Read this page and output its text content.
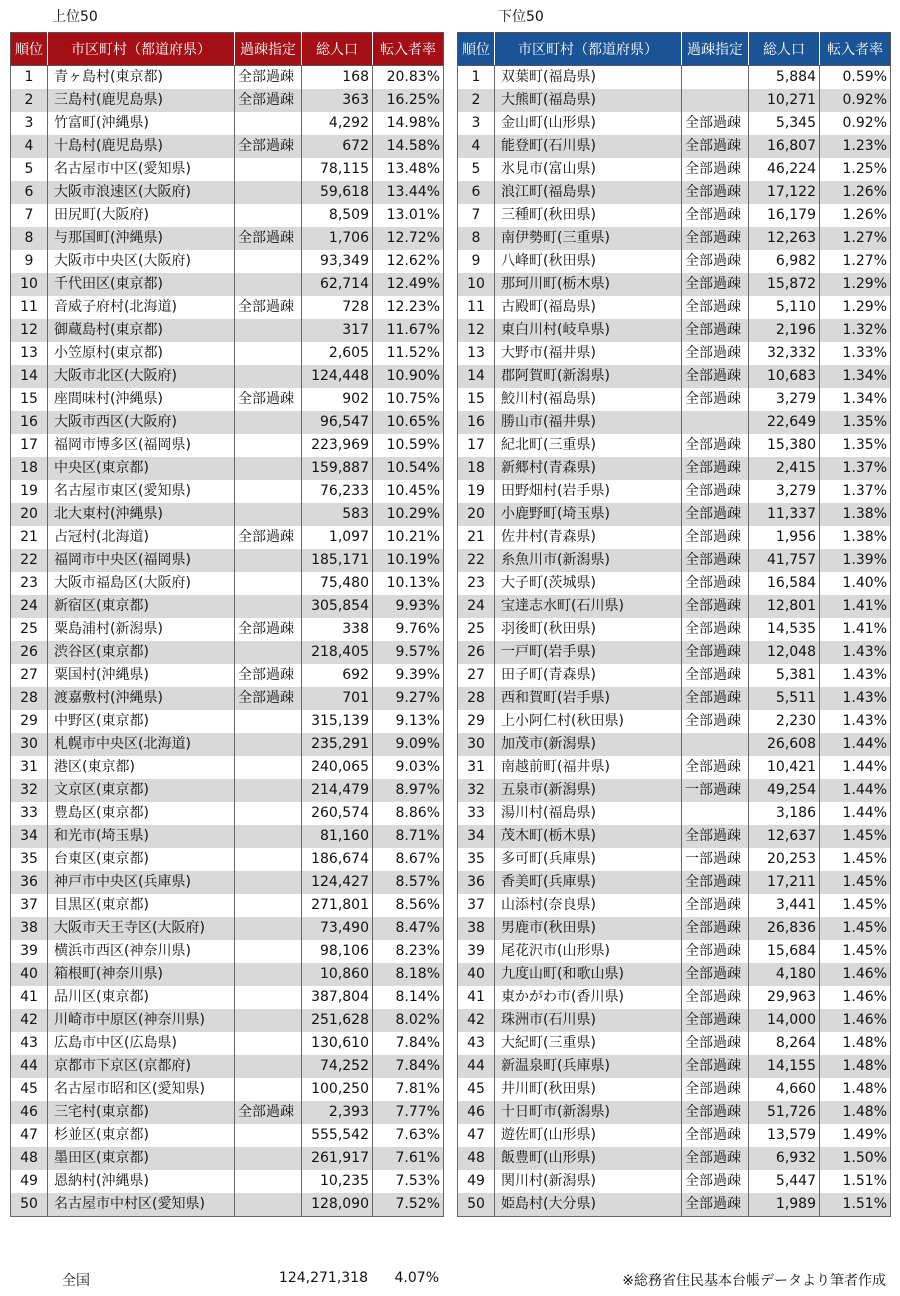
上位50	下位50
順位	市区町村（都道府県）	過疎指定	総人口	転入者率
1	青ヶ島村(東京都)	全部過疎	168	20.83%
2	三島村(鹿児島県)	全部過疎	363	16.25%
3	竹富町(沖縄県)		4,292	14.98%
4	十島村(鹿児島県)	全部過疎	672	14.58%
5	名古屋市中区(愛知県)		78,115	13.48%
6	大阪市浪速区(大阪府)		59,618	13.44%
7	田尻町(大阪府)		8,509	13.01%
8	与那国町(沖縄県)	全部過疎	1,706	12.72%
9	大阪市中央区(大阪府)		93,349	12.62%
10	千代田区(東京都)		62,714	12.49%
11	音威子府村(北海道)	全部過疎	728	12.23%
12	御蔵島村(東京都)		317	11.67%
13	小笠原村(東京都)		2,605	11.52%
14	大阪市北区(大阪府)		124,448	10.90%
15	座間味村(沖縄県)	全部過疎	902	10.75%
16	大阪市西区(大阪府)		96,547	10.65%
17	福岡市博多区(福岡県)		223,969	10.59%
18	中央区(東京都)		159,887	10.54%
19	名古屋市東区(愛知県)		76,233	10.45%
20	北大東村(沖縄県)		583	10.29%
21	占冠村(北海道)	全部過疎	1,097	10.21%
22	福岡市中央区(福岡県)		185,171	10.19%
23	大阪市福島区(大阪府)		75,480	10.13%
24	新宿区(東京都)		305,854	9.93%
25	粟島浦村(新潟県)	全部過疎	338	9.76%
26	渋谷区(東京都)		218,405	9.57%
27	粟国村(沖縄県)	全部過疎	692	9.39%
28	渡嘉敷村(沖縄県)	全部過疎	701	9.27%
29	中野区(東京都)		315,139	9.13%
30	札幌市中央区(北海道)		235,291	9.09%
31	港区(東京都)		240,065	9.03%
32	文京区(東京都)		214,479	8.97%
33	豊島区(東京都)		260,574	8.86%
34	和光市(埼玉県)		81,160	8.71%
35	台東区(東京都)		186,674	8.67%
36	神戸市中央区(兵庫県)		124,427	8.57%
37	目黒区(東京都)		271,801	8.56%
38	大阪市天王寺区(大阪府)		73,490	8.47%
39	横浜市西区(神奈川県)		98,106	8.23%
40	箱根町(神奈川県)		10,860	8.18%
41	品川区(東京都)		387,804	8.14%
42	川崎市中原区(神奈川県)		251,628	8.02%
43	広島市中区(広島県)		130,610	7.84%
44	京都市下京区(京都府)		74,252	7.84%
45	名古屋市昭和区(愛知県)		100,250	7.81%
46	三宅村(東京都)	全部過疎	2,393	7.77%
47	杉並区(東京都)		555,542	7.63%
48	墨田区(東京都)		261,917	7.61%
49	恩納村(沖縄県)		10,235	7.53%
50	名古屋市中村区(愛知県)		128,090	7.52%
順位	市区町村（都道府県）	過疎指定	総人口	転入者率
1	双葉町(福島県)		5,884	0.59%
2	大熊町(福島県)		10,271	0.92%
3	金山町(山形県)	全部過疎	5,345	0.92%
4	能登町(石川県)	全部過疎	16,807	1.23%
5	氷見市(富山県)	全部過疎	46,224	1.25%
6	浪江町(福島県)	全部過疎	17,122	1.26%
7	三種町(秋田県)	全部過疎	16,179	1.26%
8	南伊勢町(三重県)	全部過疎	12,263	1.27%
9	八峰町(秋田県)	全部過疎	6,982	1.27%
10	那珂川町(栃木県)	全部過疎	15,872	1.29%
11	古殿町(福島県)	全部過疎	5,110	1.29%
12	東白川村(岐阜県)	全部過疎	2,196	1.32%
13	大野市(福井県)	全部過疎	32,332	1.33%
14	郡阿賀町(新潟県)	全部過疎	10,683	1.34%
15	鮫川村(福島県)	全部過疎	3,279	1.34%
16	勝山市(福井県)		22,649	1.35%
17	紀北町(三重県)	全部過疎	15,380	1.35%
18	新郷村(青森県)	全部過疎	2,415	1.37%
19	田野畑村(岩手県)	全部過疎	3,279	1.37%
20	小鹿野町(埼玉県)	全部過疎	11,337	1.38%
21	佐井村(青森県)	全部過疎	1,956	1.38%
22	糸魚川市(新潟県)	全部過疎	41,757	1.39%
23	大子町(茨城県)	全部過疎	16,584	1.40%
24	宝達志水町(石川県)	全部過疎	12,801	1.41%
25	羽後町(秋田県)	全部過疎	14,535	1.41%
26	一戸町(岩手県)	全部過疎	12,048	1.43%
27	田子町(青森県)	全部過疎	5,381	1.43%
28	西和賀町(岩手県)	全部過疎	5,511	1.43%
29	上小阿仁村(秋田県)	全部過疎	2,230	1.43%
30	加茂市(新潟県)		26,608	1.44%
31	南越前町(福井県)	全部過疎	10,421	1.44%
32	五泉市(新潟県)	一部過疎	49,254	1.44%
33	湯川村(福島県)		3,186	1.44%
34	茂木町(栃木県)	全部過疎	12,637	1.45%
35	多可町(兵庫県)	一部過疎	20,253	1.45%
36	香美町(兵庫県)	全部過疎	17,211	1.45%
37	山添村(奈良県)	全部過疎	3,441	1.45%
38	男鹿市(秋田県)	全部過疎	26,836	1.45%
39	尾花沢市(山形県)	全部過疎	15,684	1.45%
40	九度山町(和歌山県)	全部過疎	4,180	1.46%
41	東かがわ市(香川県)	全部過疎	29,963	1.46%
42	珠洲市(石川県)	全部過疎	14,000	1.46%
43	大紀町(三重県)	全部過疎	8,264	1.48%
44	新温泉町(兵庫県)	全部過疎	14,155	1.48%
45	井川町(秋田県)	全部過疎	4,660	1.48%
46	十日町市(新潟県)	全部過疎	51,726	1.48%
47	遊佐町(山形県)	全部過疎	13,579	1.49%
48	飯豊町(山形県)	全部過疎	6,932	1.50%
49	関川村(新潟県)	全部過疎	5,447	1.51%
50	姫島村(大分県)	全部過疎	1,989	1.51%
全国	124,271,318	4.07%	※総務省住民基本台帳データより筆者作成
